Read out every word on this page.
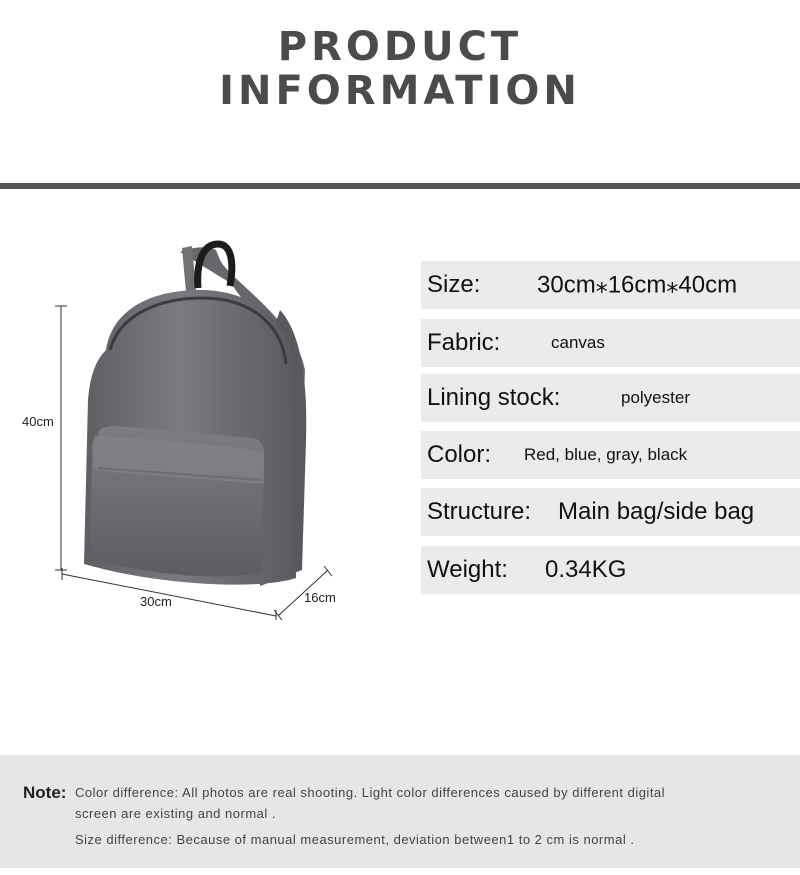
PRODUCT
INFORMATION
40cm
30cm	16cm
Size: 30cm⁎16cm⁎40cm
Fabric:	canvas
Lining stock:	polyester
Color: Red, blue, gray, black
Structure: Main bag/side bag
Weight: 0.34KG
Note: Color difference: All photos are real shooting. Light color differences caused by different digital
screen are existing and normal .
Size difference: Because of manual measurement, deviation between1 to 2 cm is normal .
